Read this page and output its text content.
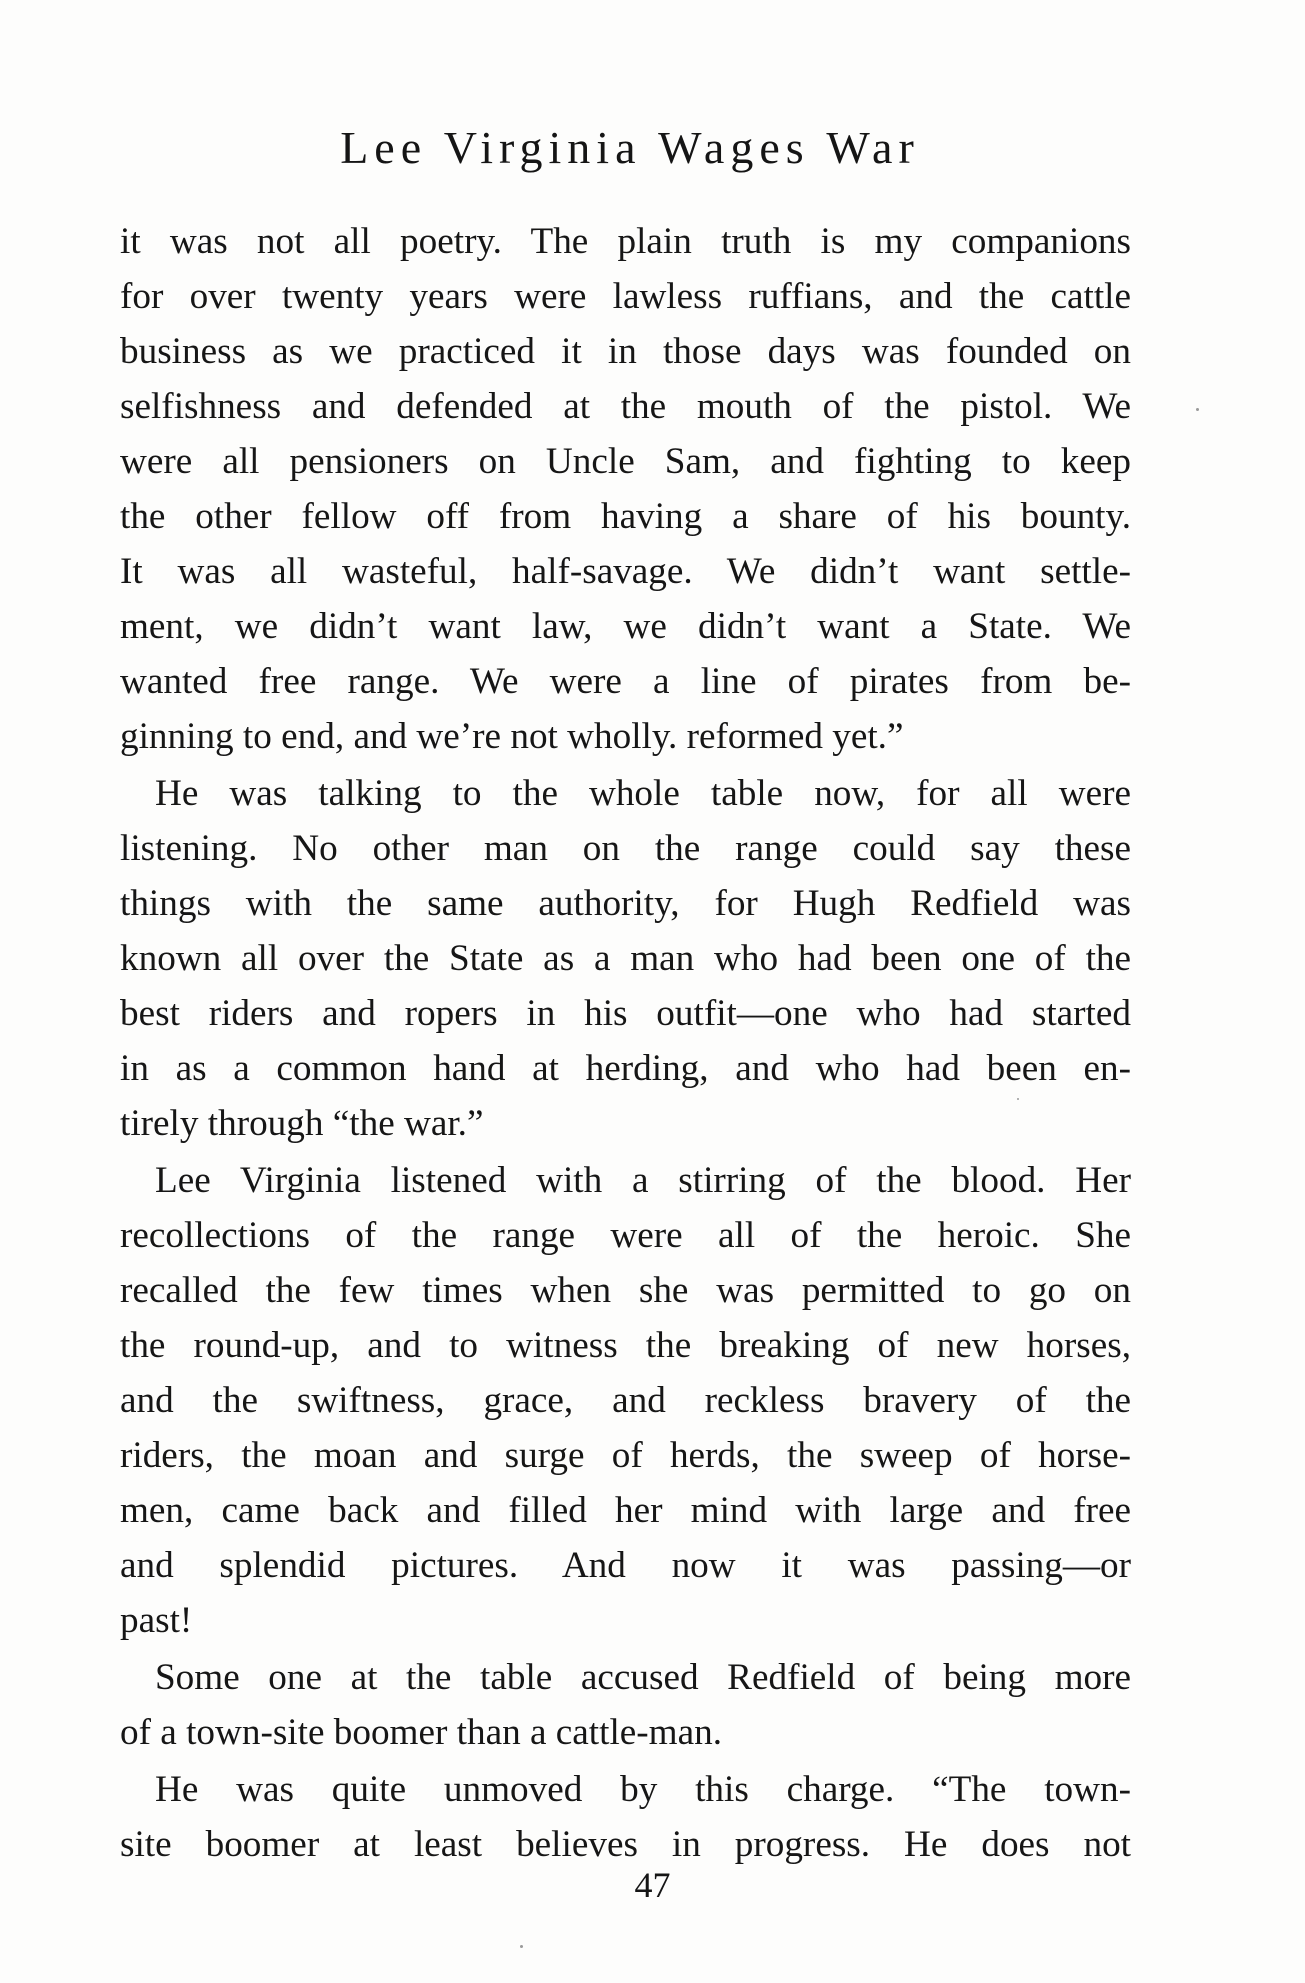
Lee Virginia Wages War

it was not all poetry. The plain truth is my companions
for over twenty years were lawless ruffians, and the cattle
business as we practiced it in those days was founded on
selfishness and defended at the mouth of the pistol. We
were all pensioners on Uncle Sam, and fighting to keep
the other fellow off from having a share of his bounty.
It was all wasteful, half-savage. We didn’t want settle-
ment, we didn’t want law, we didn’t want a State. We
wanted free range. We were a line of pirates from be-
ginning to end, and we’re not wholly. reformed yet.”

He was talking to the whole table now, for all were
listening. No other man on the range could say these
things with the same authority, for Hugh Redfield was
known all over the State as a man who had been one of the
best riders and ropers in his outfit—one who had started
in as a common hand at herding, and who had been en-
tirely through “the war.”

Lee Virginia listened with a stirring of the blood. Her
recollections of the range were all of the heroic. She
recalled the few times when she was permitted to go on
the round-up, and to witness the breaking of new horses,
and the swiftness, grace, and reckless bravery of the
riders, the moan and surge of herds, the sweep of horse-
men, came back and filled her mind with large and free
and splendid pictures. And now it was passing—or
past!

Some one at the table accused Redfield of being more
of a town-site boomer than a cattle-man.

He was quite unmoved by this charge. “The town-
site boomer at least believes in progress. He does not

47
